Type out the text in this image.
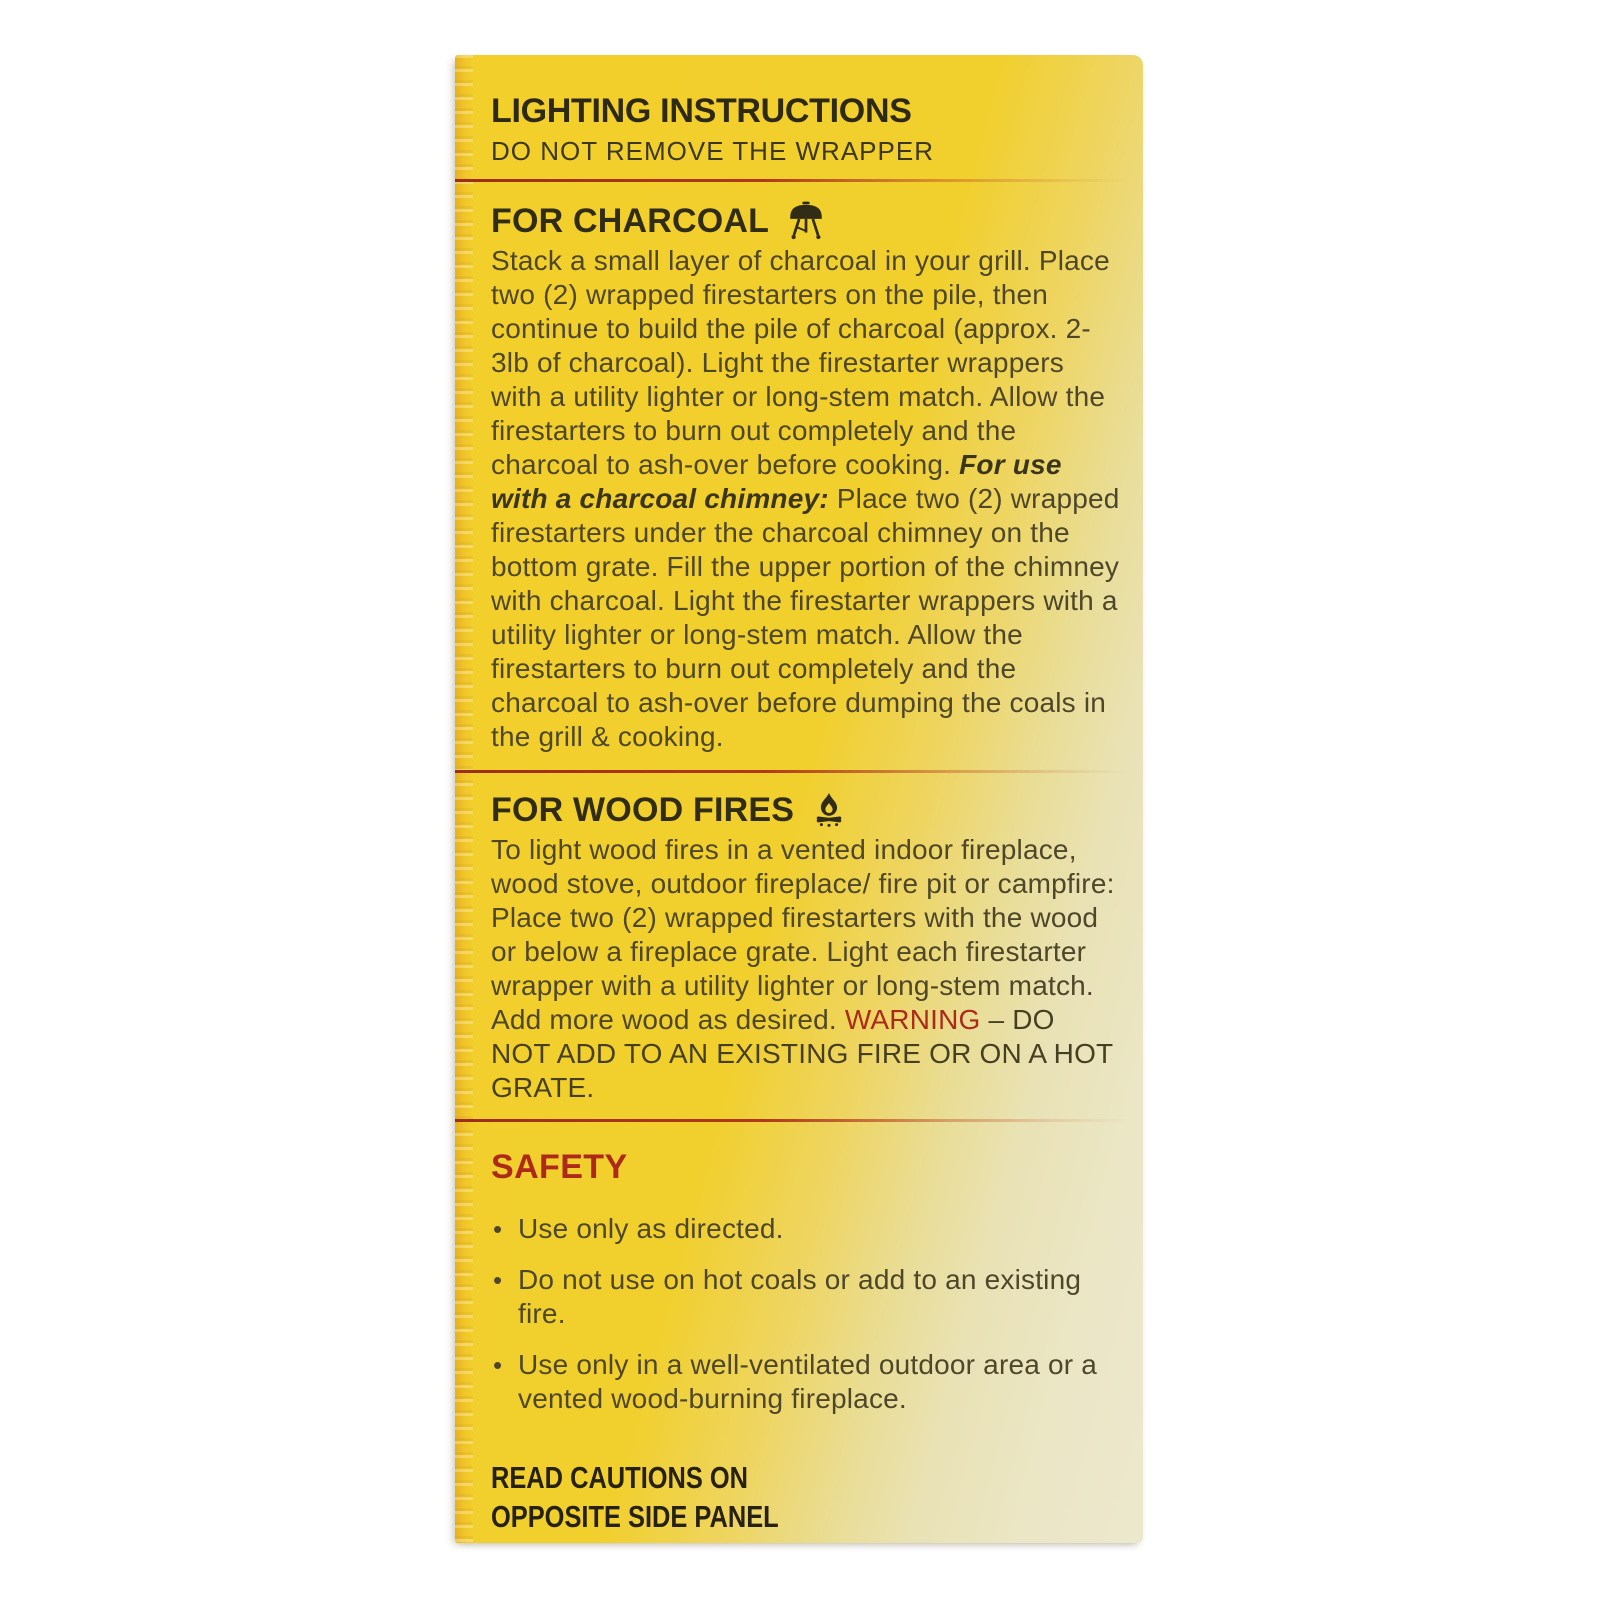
LIGHTING INSTRUCTIONS
DO NOT REMOVE THE WRAPPER
FOR CHARCOAL

Stack a small layer of charcoal in your grill. Place two (2) wrapped firestarters on the pile, then continue to build the pile of charcoal (approx. 2-3lb of charcoal). Light the firestarter wrappers with a utility lighter or long-stem match. Allow the firestarters to burn out completely and the charcoal to ash-over before cooking. For use with a charcoal chimney: Place two (2) wrapped firestarters under the charcoal chimney on the bottom grate. Fill the upper portion of the chimney with charcoal. Light the firestarter wrappers with a utility lighter or long-stem match. Allow the firestarters to burn out completely and the charcoal to ash-over before dumping the coals in the grill & cooking.

FOR WOOD FIRES

To light wood fires in a vented indoor fireplace, wood stove, outdoor fireplace/ fire pit or campfire: Place two (2) wrapped firestarters with the wood or below a fireplace grate. Light each firestarter wrapper with a utility lighter or long-stem match. Add more wood as desired. WARNING – DO NOT ADD TO AN EXISTING FIRE OR ON A HOT GRATE.

SAFETY
• Use only as directed.
• Do not use on hot coals or add to an existing fire.
• Use only in a well-ventilated outdoor area or a vented wood-burning fireplace.
READ CAUTIONS ON
OPPOSITE SIDE PANEL
